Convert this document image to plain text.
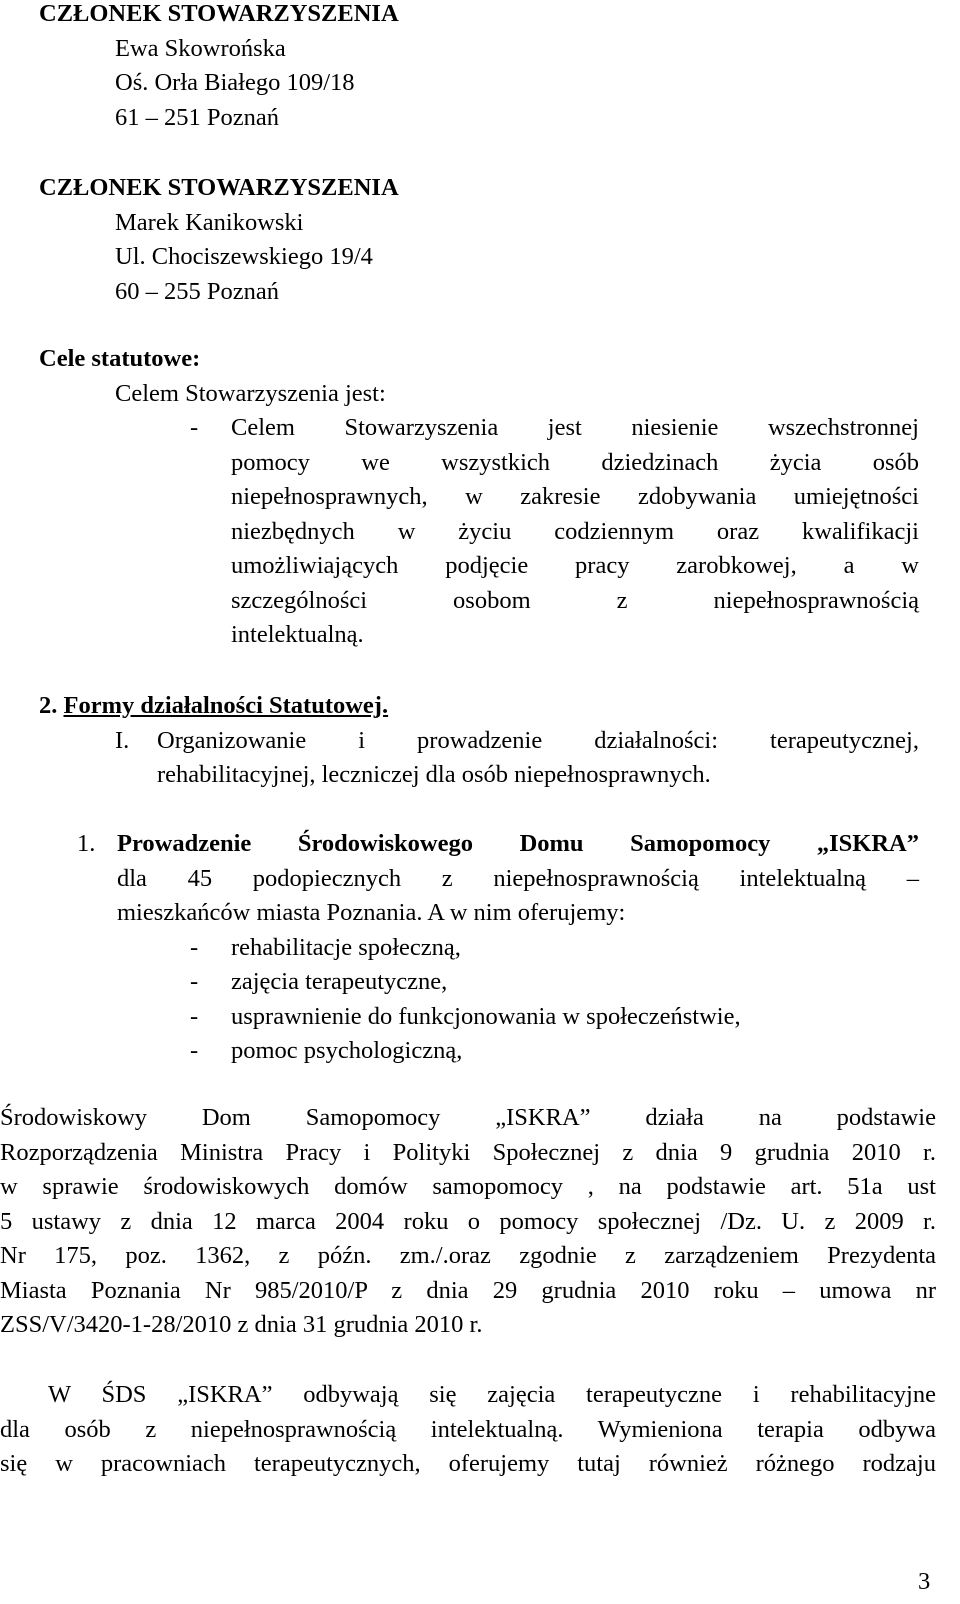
CZŁONEK STOWARZYSZENIA
Ewa Skowrońska
Oś. Orła Białego 109/18
61 – 251 Poznań
CZŁONEK STOWARZYSZENIA
Marek Kanikowski
Ul. Chociszewskiego 19/4
60 – 255 Poznań
Cele statutowe:
Celem Stowarzyszenia jest:
- Celem Stowarzyszenia jest niesienie wszechstronnej
pomocy we wszystkich dziedzinach życia osób
niepełnosprawnych, w zakresie zdobywania umiejętności
niezbędnych w życiu codziennym oraz kwalifikacji
umożliwiających podjęcie pracy zarobkowej, a w
szczególności osobom z niepełnosprawnością
intelektualną.
2. Formy działalności Statutowej.
I. Organizowanie i prowadzenie działalności: terapeutycznej,
rehabilitacyjnej, leczniczej dla osób niepełnosprawnych.
1. Prowadzenie Środowiskowego Domu Samopomocy „ISKRA”
dla 45 podopiecznych z niepełnosprawnością intelektualną –
mieszkańców miasta Poznania. A w nim oferujemy:
- rehabilitacje społeczną,
- zajęcia terapeutyczne,
- usprawnienie do funkcjonowania w społeczeństwie,
- pomoc psychologiczną,
Środowiskowy Dom Samopomocy „ISKRA” działa na podstawie
Rozporządzenia Ministra Pracy i Polityki Społecznej z dnia 9 grudnia 2010 r.
w sprawie środowiskowych domów samopomocy , na podstawie art. 51a ust
5 ustawy z dnia 12 marca 2004 roku o pomocy społecznej /Dz. U. z 2009 r.
Nr 175, poz. 1362, z późn. zm./.oraz zgodnie z zarządzeniem Prezydenta
Miasta Poznania Nr 985/2010/P z dnia 29 grudnia 2010 roku – umowa nr
ZSS/V/3420-1-28/2010 z dnia 31 grudnia 2010 r.
W ŚDS „ISKRA” odbywają się zajęcia terapeutyczne i rehabilitacyjne
dla osób z niepełnosprawnością intelektualną. Wymieniona terapia odbywa
się w pracowniach terapeutycznych, oferujemy tutaj również różnego rodzaju
3
